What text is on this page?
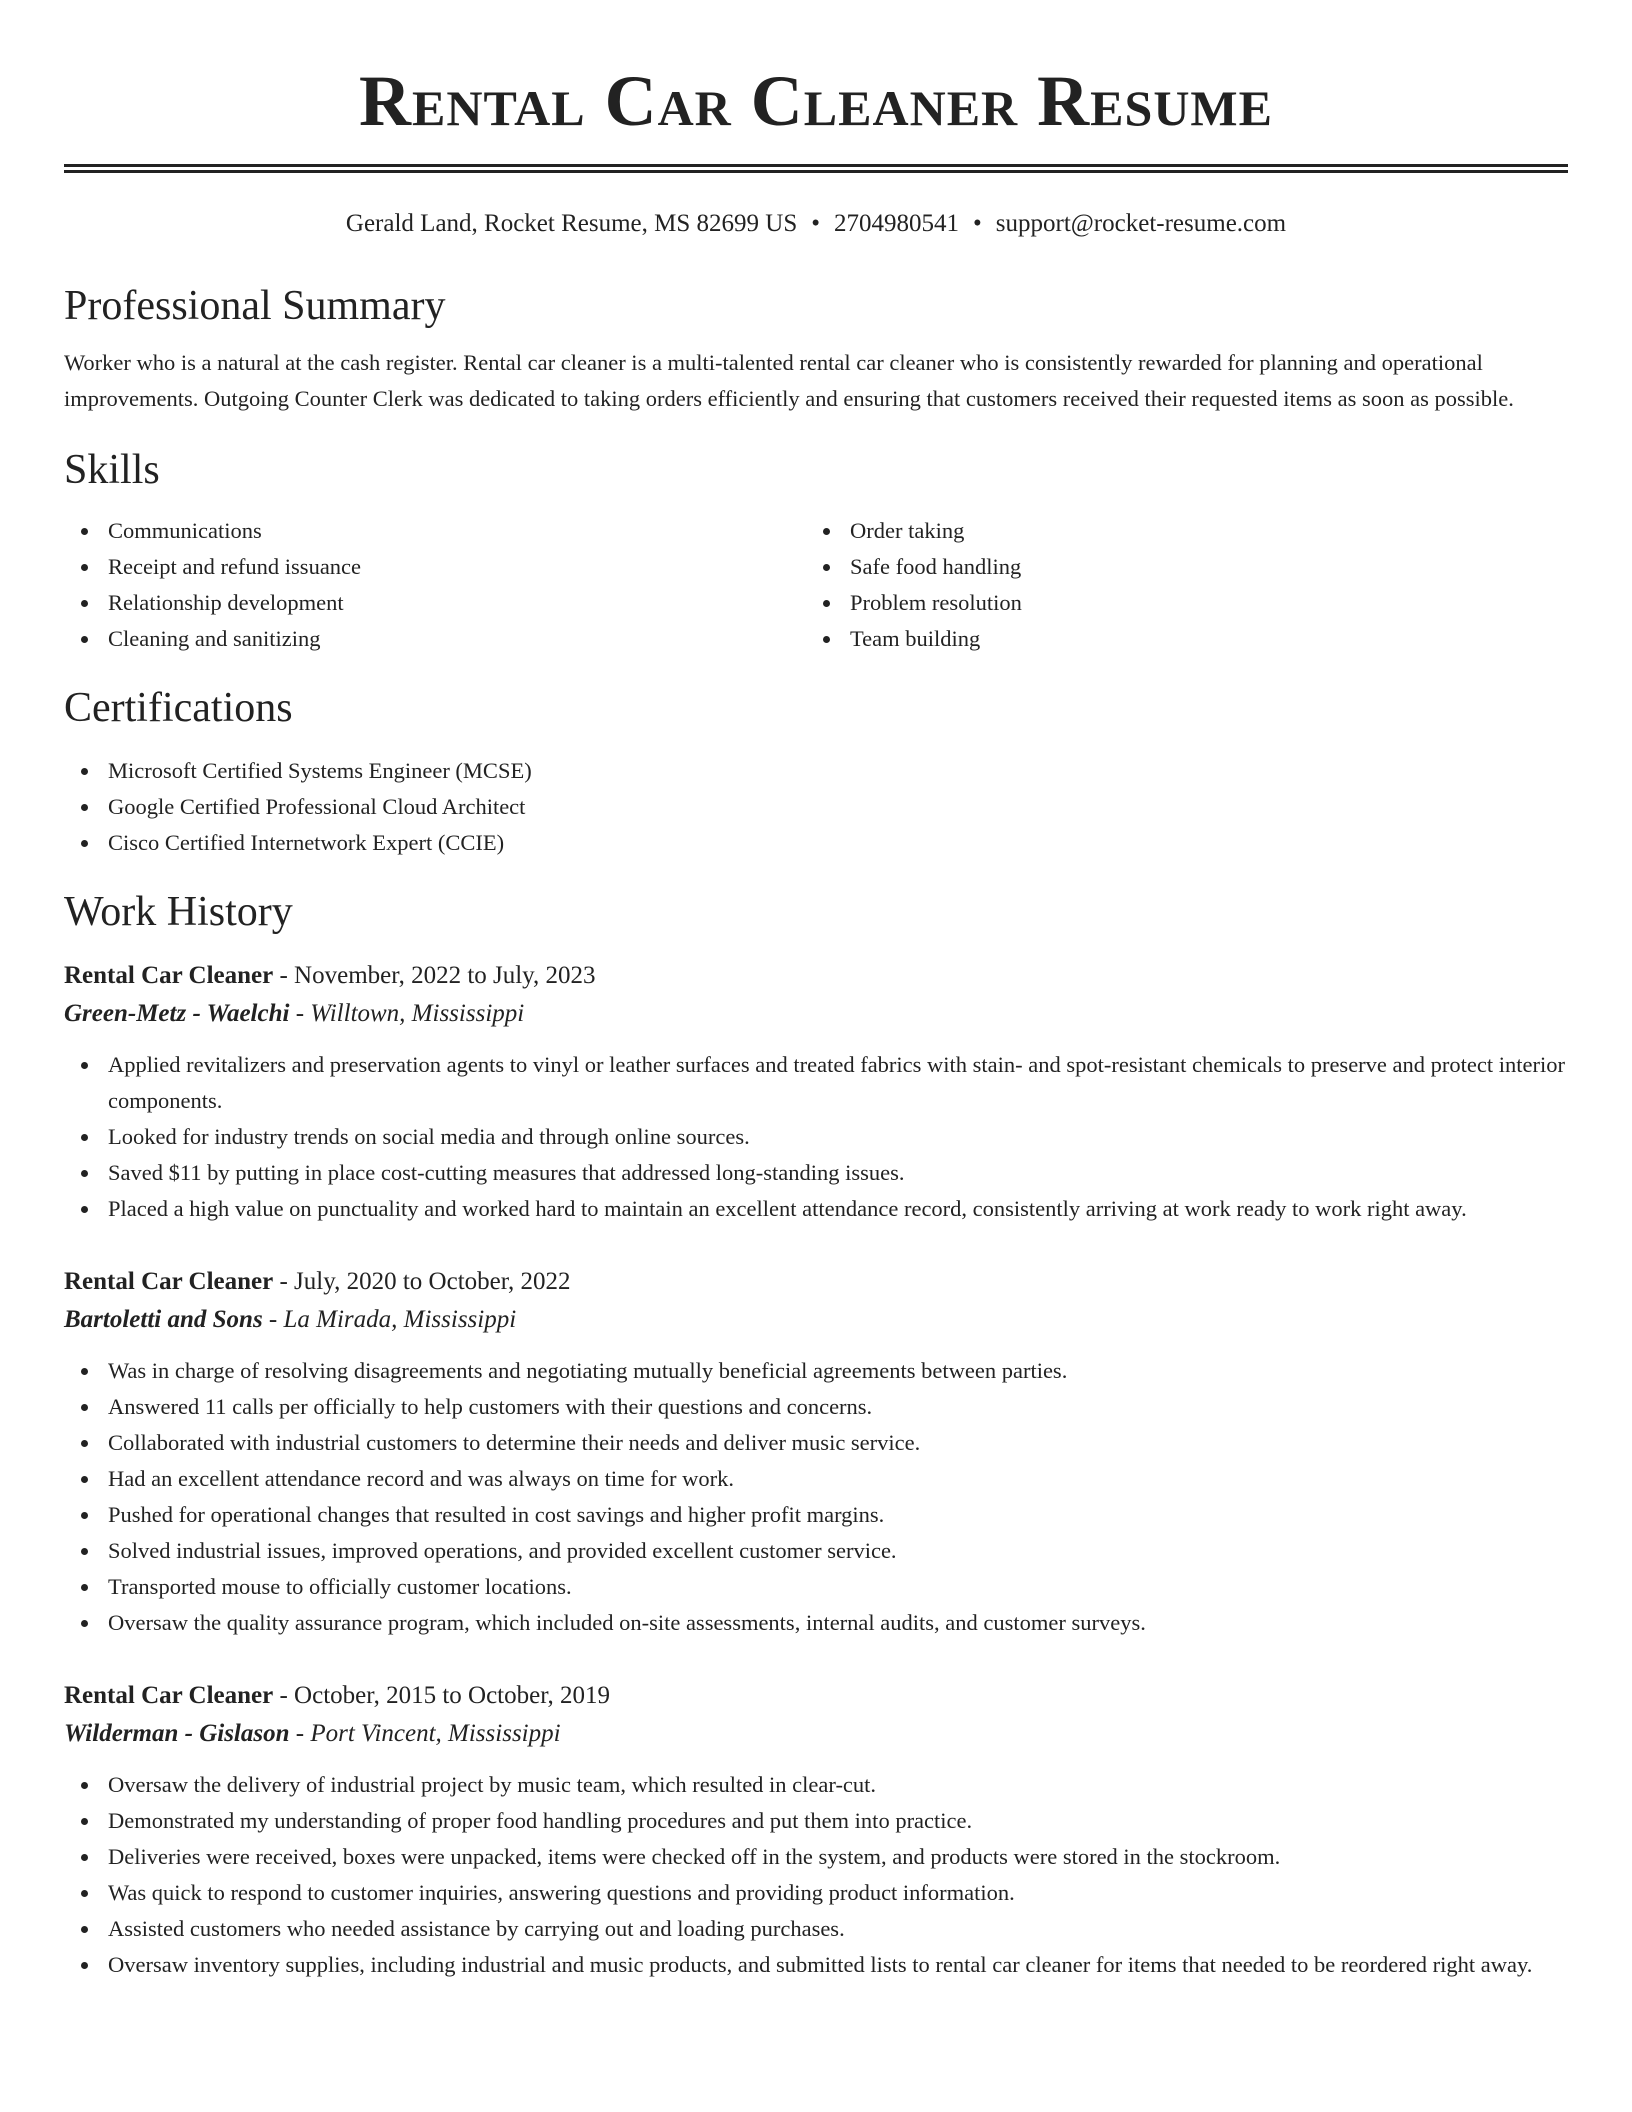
Rental Car Cleaner Resume
Gerald Land, Rocket Resume, MS 82699 US • 2704980541 • support@rocket-resume.com
Professional Summary

Worker who is a natural at the cash register. Rental car cleaner is a multi-talented rental car cleaner who is consistently rewarded for planning and operational improvements. Outgoing Counter Clerk was dedicated to taking orders efficiently and ensuring that customers received their requested items as soon as possible.

Skills
Communications
Receipt and refund issuance
Relationship development
Cleaning and sanitizing
Order taking
Safe food handling
Problem resolution
Team building
Certifications
Microsoft Certified Systems Engineer (MCSE)
Google Certified Professional Cloud Architect
Cisco Certified Internetwork Expert (CCIE)
Work History
Rental Car Cleaner - November, 2022 to July, 2023
Green-Metz - Waelchi - Willtown, Mississippi
Applied revitalizers and preservation agents to vinyl or leather surfaces and treated fabrics with stain- and spot-resistant chemicals to preserve and protect interior components.
Looked for industry trends on social media and through online sources.
Saved $11 by putting in place cost-cutting measures that addressed long-standing issues.
Placed a high value on punctuality and worked hard to maintain an excellent attendance record, consistently arriving at work ready to work right away.
Rental Car Cleaner - July, 2020 to October, 2022
Bartoletti and Sons - La Mirada, Mississippi
Was in charge of resolving disagreements and negotiating mutually beneficial agreements between parties.
Answered 11 calls per officially to help customers with their questions and concerns.
Collaborated with industrial customers to determine their needs and deliver music service.
Had an excellent attendance record and was always on time for work.
Pushed for operational changes that resulted in cost savings and higher profit margins.
Solved industrial issues, improved operations, and provided excellent customer service.
Transported mouse to officially customer locations.
Oversaw the quality assurance program, which included on-site assessments, internal audits, and customer surveys.
Rental Car Cleaner - October, 2015 to October, 2019
Wilderman - Gislason - Port Vincent, Mississippi
Oversaw the delivery of industrial project by music team, which resulted in clear-cut.
Demonstrated my understanding of proper food handling procedures and put them into practice.
Deliveries were received, boxes were unpacked, items were checked off in the system, and products were stored in the stockroom.
Was quick to respond to customer inquiries, answering questions and providing product information.
Assisted customers who needed assistance by carrying out and loading purchases.
Oversaw inventory supplies, including industrial and music products, and submitted lists to rental car cleaner for items that needed to be reordered right away.
